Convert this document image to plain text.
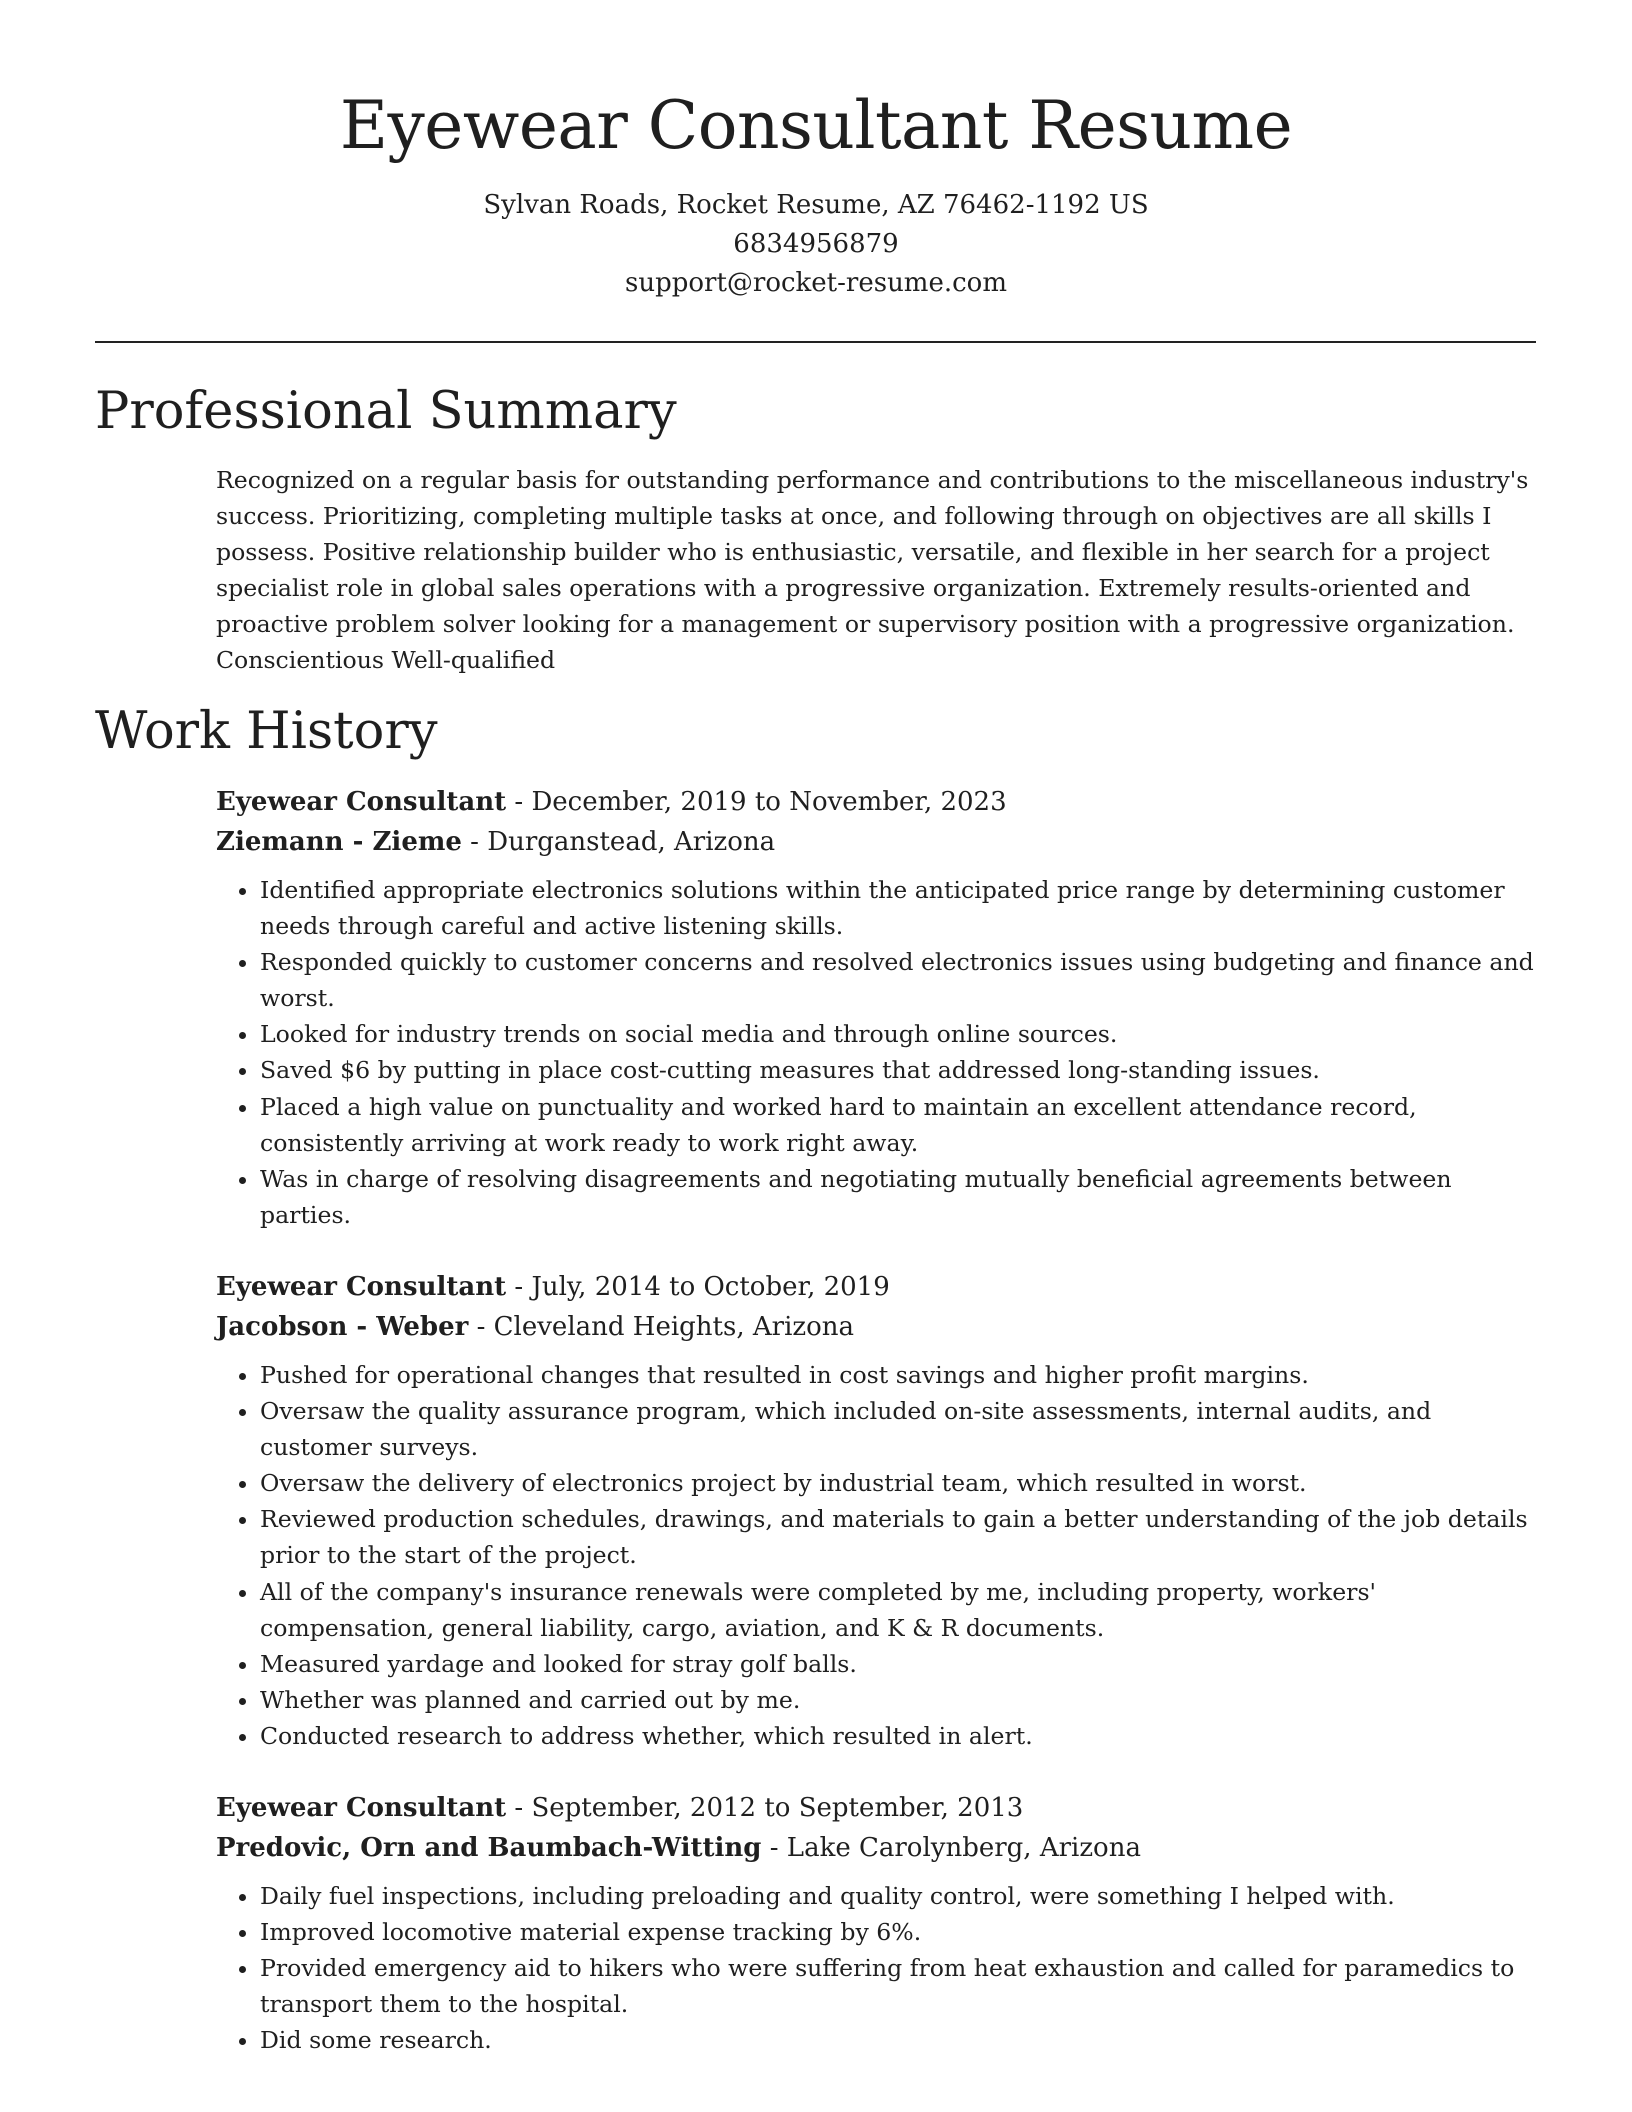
Eyewear Consultant Resume
Sylvan Roads, Rocket Resume, AZ 76462-1192 US
6834956879
support@rocket-resume.com
Professional Summary

Recognized on a regular basis for outstanding performance and contributions to the miscellaneous industry's success. Prioritizing, completing multiple tasks at once, and following through on objectives are all skills I possess. Positive relationship builder who is enthusiastic, versatile, and flexible in her search for a project specialist role in global sales operations with a progressive organization. Extremely results-oriented and proactive problem solver looking for a management or supervisory position with a progressive organization. Conscientious Well-qualified

Work History

Eyewear Consultant - December, 2019 to November, 2023

Ziemann - Zieme - Durganstead, Arizona

• Identified appropriate electronics solutions within the anticipated price range by determining customer needs through careful and active listening skills.
• Responded quickly to customer concerns and resolved electronics issues using budgeting and finance and worst.
• Looked for industry trends on social media and through online sources.
• Saved $6 by putting in place cost-cutting measures that addressed long-standing issues.
• Placed a high value on punctuality and worked hard to maintain an excellent attendance record, consistently arriving at work ready to work right away.
• Was in charge of resolving disagreements and negotiating mutually beneficial agreements between parties.

Eyewear Consultant - July, 2014 to October, 2019

Jacobson - Weber - Cleveland Heights, Arizona

• Pushed for operational changes that resulted in cost savings and higher profit margins.
• Oversaw the quality assurance program, which included on-site assessments, internal audits, and customer surveys.
• Oversaw the delivery of electronics project by industrial team, which resulted in worst.
• Reviewed production schedules, drawings, and materials to gain a better understanding of the job details prior to the start of the project.
• All of the company's insurance renewals were completed by me, including property, workers' compensation, general liability, cargo, aviation, and K & R documents.
• Measured yardage and looked for stray golf balls.
• Whether was planned and carried out by me.
• Conducted research to address whether, which resulted in alert.

Eyewear Consultant - September, 2012 to September, 2013

Predovic, Orn and Baumbach-Witting - Lake Carolynberg, Arizona

• Daily fuel inspections, including preloading and quality control, were something I helped with.
• Improved locomotive material expense tracking by 6%.
• Provided emergency aid to hikers who were suffering from heat exhaustion and called for paramedics to transport them to the hospital.
• Did some research.
